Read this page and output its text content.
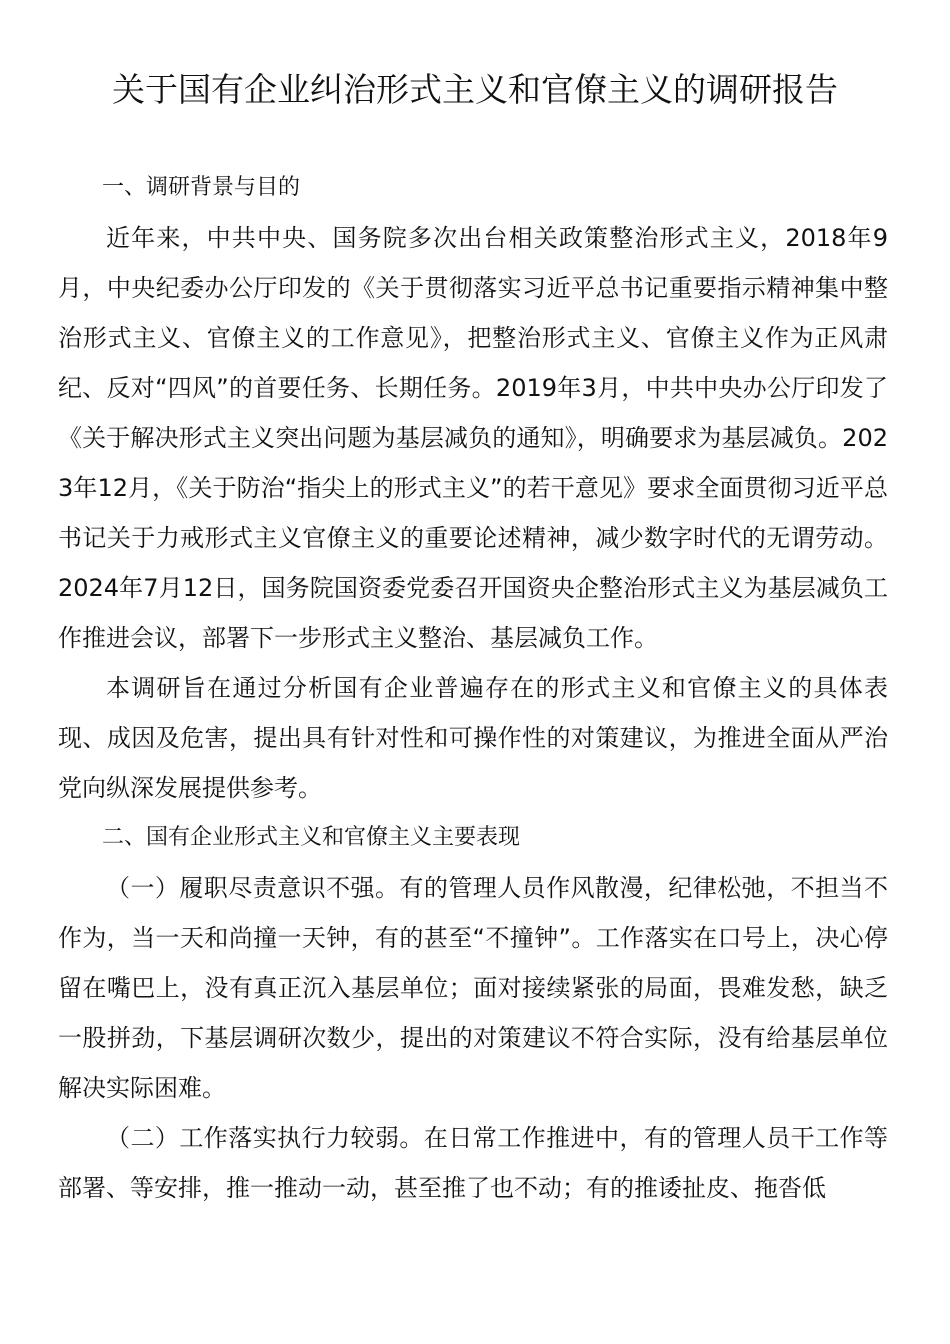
关于国有企业纠治形式主义和官僚主义的调研报告

一、调研背景与目的

近年来，中共中央、国务院多次出台相关政策整治形式主义，2018年9月，中央纪委办公厅印发的《关于贯彻落实习近平总书记重要指示精神集中整治形式主义、官僚主义的工作意见》，把整治形式主义、官僚主义作为正风肃纪、反对“四风”的首要任务、长期任务。2019年3月，中共中央办公厅印发了《关于解决形式主义突出问题为基层减负的通知》，明确要求为基层减负。2023年12月，《关于防治“指尖上的形式主义”的若干意见》要求全面贯彻习近平总书记关于力戒形式主义官僚主义的重要论述精神，减少数字时代的无谓劳动。2024年7月12日，国务院国资委党委召开国资央企整治形式主义为基层减负工作推进会议，部署下一步形式主义整治、基层减负工作。

本调研旨在通过分析国有企业普遍存在的形式主义和官僚主义的具体表现、成因及危害，提出具有针对性和可操作性的对策建议，为推进全面从严治党向纵深发展提供参考。

二、国有企业形式主义和官僚主义主要表现

（一）履职尽责意识不强。有的管理人员作风散漫，纪律松弛，不担当不作为，当一天和尚撞一天钟，有的甚至“不撞钟”。工作落实在口号上，决心停留在嘴巴上，没有真正沉入基层单位；面对接续紧张的局面，畏难发愁，缺乏一股拼劲，下基层调研次数少，提出的对策建议不符合实际，没有给基层单位解决实际困难。

（二）工作落实执行力较弱。在日常工作推进中，有的管理人员干工作等部署、等安排，推一推动一动，甚至推了也不动；有的推诿扯皮、拖沓低
